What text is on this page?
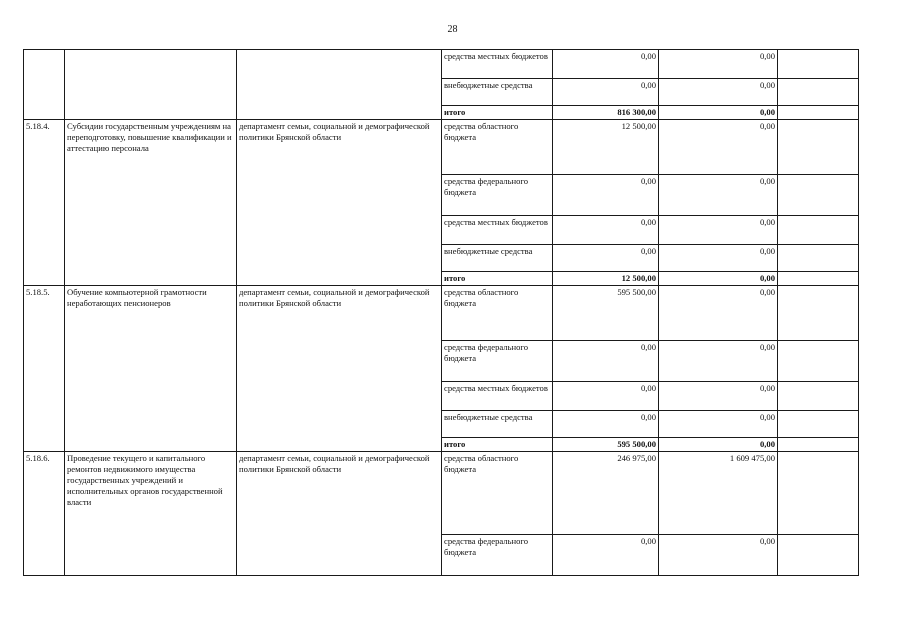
28
			средства местных бюджетов	0,00	0,00	
			внебюджетные средства	0,00	0,00	
			итого	816 300,00	0,00	
5.18.4.	Субсидии государственным учреждениям на переподготовку, повышение квалификации и аттестацию персонала	департамент семьи, социальной и демографической политики Брянской области	средства областного бюджета	12 500,00	0,00	
			средства федерального бюджета	0,00	0,00	
			средства местных бюджетов	0,00	0,00	
			внебюджетные средства	0,00	0,00	
			итого	12 500,00	0,00	
5.18.5.	Обучение компьютерной грамотности неработающих пенсионеров	департамент семьи, социальной и демографической политики Брянской области	средства областного бюджета	595 500,00	0,00	
			средства федерального бюджета	0,00	0,00	
			средства местных бюджетов	0,00	0,00	
			внебюджетные средства	0,00	0,00	
			итого	595 500,00	0,00	
5.18.6.	Проведение текущего и капитального ремонтов недвижимого имущества государственных учреждений и исполнительных органов государственной власти	департамент семьи, социальной и демографической политики Брянской области	средства областного бюджета	246 975,00	1 609 475,00	
			средства федерального бюджета	0,00	0,00	
